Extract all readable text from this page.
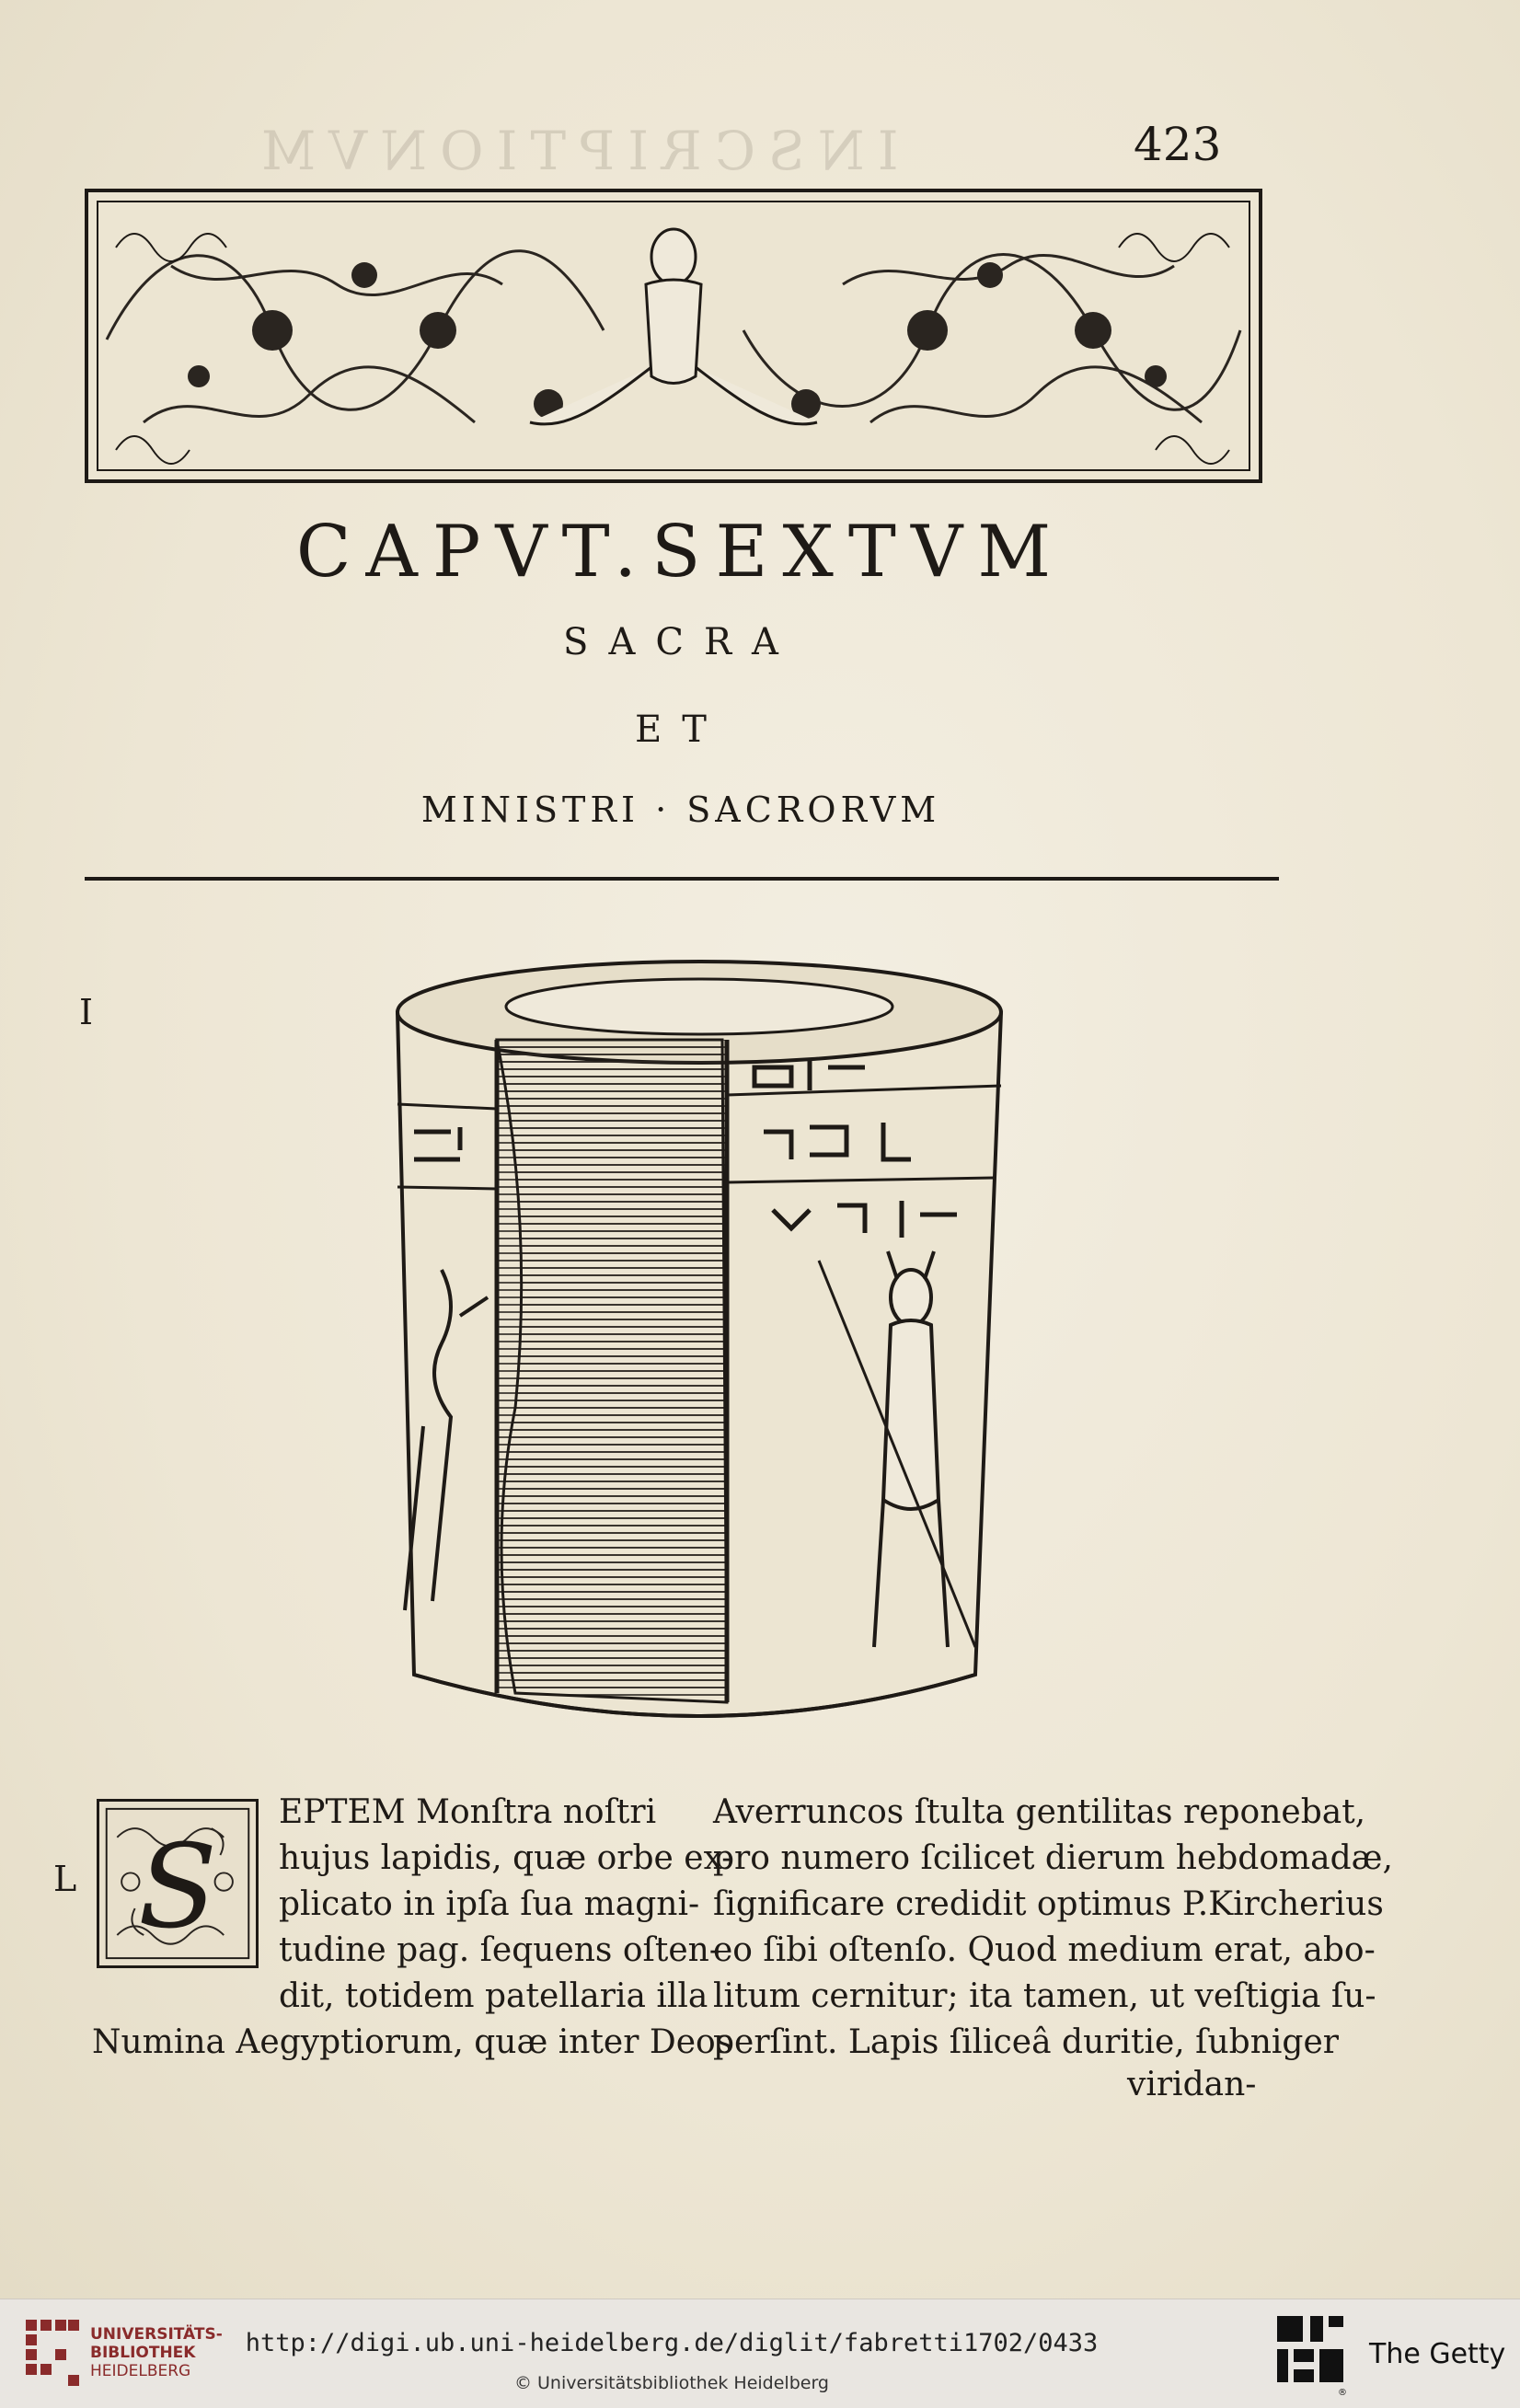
INSCRIPTIONVM	423
CAPVT.SEXTVM
SACRA
ET
MINISTRI · SACRORVM
I
L S
EPTEM Monſtra noſtri
hujus lapidis, quæ orbe ex-
plicato in ipſa ſua magni-
tudine pag. ſequens oſten-
dit, totidem patellaria illa
Numina Aegyptiorum, quæ inter Deos
Averruncos ſtulta gentilitas reponebat,
pro numero ſcilicet dierum hebdomadæ,
ſignificare credidit optimus P.Kircherius
eo ſibi oſtenſo. Quod medium erat, abo-
litum cernitur; ita tamen, ut veſtigia ſu-
perſint. Lapis ſiliceâ duritie, ſubniger
viridan-
UNIVERSITÄTS-
BIBLIOTHEK
HEIDELBERG
http://digi.ub.uni-heidelberg.de/diglit/fabretti1702/0433
© Universitätsbibliothek Heidelberg	®
The Getty
